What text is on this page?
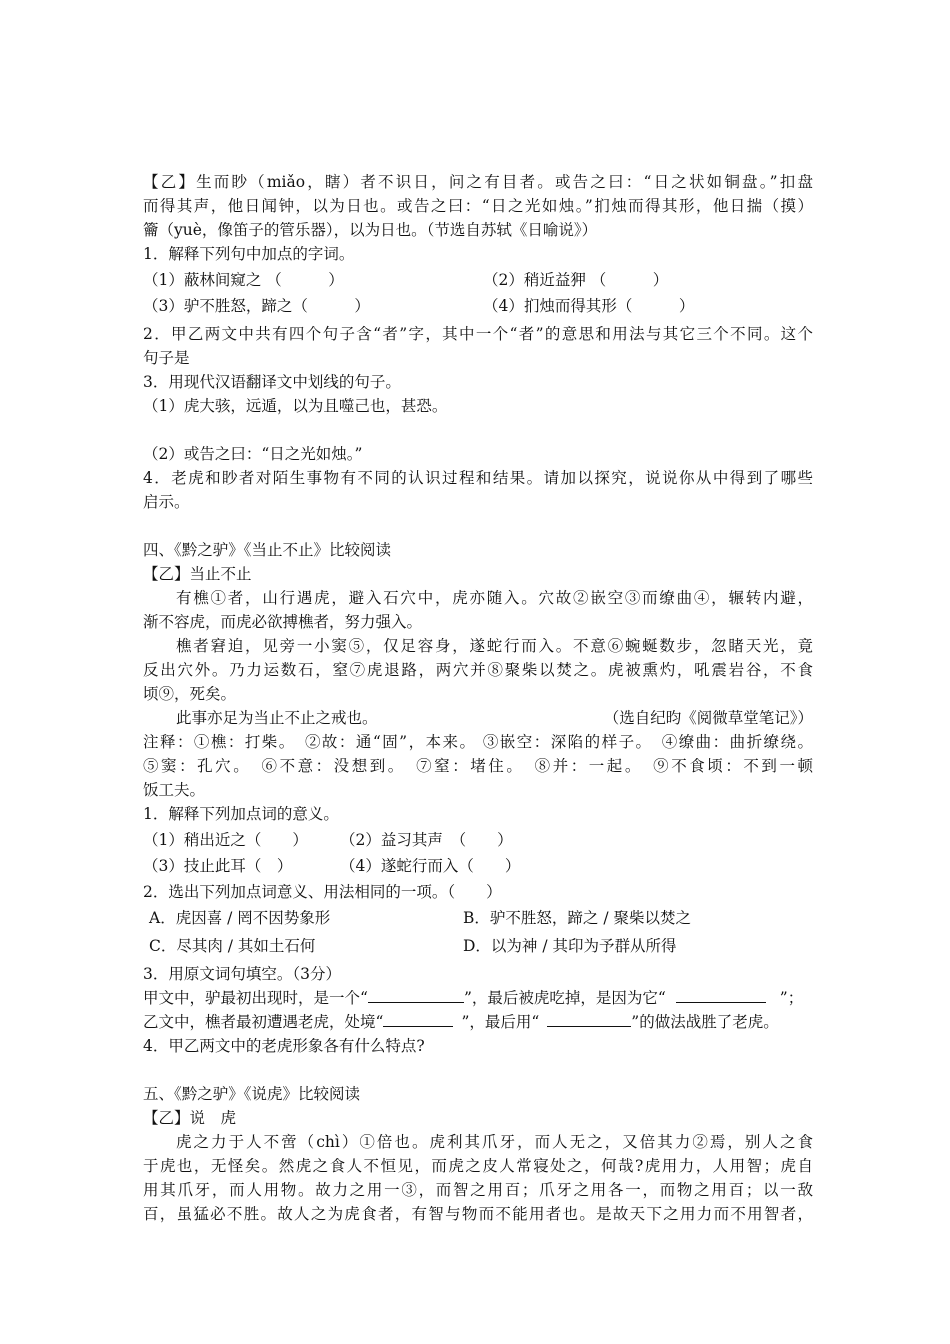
【乙】生而眇（miǎo，瞎）者不识日，问之有目者。或告之曰：“日之状如铜盘。”扣盘
而得其声，他日闻钟，以为日也。或告之曰：“日之光如烛。”扪烛而得其形，他日揣（摸）
籥（yuè，像笛子的管乐器），以为日也。（节选自苏轼《日喻说》）
1．解释下列句中加点的字词。
（1）蔽林间窥之 （　　　）	（2）稍近益狎 （　　　）
（3）驴不胜怒，蹄之（　　　）	（4）扪烛而得其形（　　　）
2．甲乙两文中共有四个句子含“者”字，其中一个“者”的意思和用法与其它三个不同。这个
句子是
3．用现代汉语翻译文中划线的句子。
（1）虎大骇，远遁，以为且噬己也，甚恐。
（2）或告之曰：“日之光如烛。”
4．老虎和眇者对陌生事物有不同的认识过程和结果。请加以探究，说说你从中得到了哪些
启示。
四、《黔之驴》《当止不止》比较阅读
【乙】当止不止
有樵①者，山行遇虎，避入石穴中，虎亦随入。穴故②嵌空③而缭曲④，辗转内避，
渐不容虎，而虎必欲搏樵者，努力强入。
樵者窘迫，见旁一小窦⑤，仅足容身，遂蛇行而入。不意⑥蜿蜒数步，忽睹天光，竟
反出穴外。乃力运数石，窒⑦虎退路，两穴并⑧聚柴以焚之。虎被熏灼，吼震岩谷，不食
顷⑨，死矣。
此事亦足为当止不止之戒也。	（选自纪昀《阅微草堂笔记》）
注释：①樵：打柴。　②故：通“固”，本来。 ③嵌空：深陷的样子。　④缭曲：曲折缭绕。
⑤窦：孔穴。　⑥不意：没想到。　⑦窒：堵住。　⑧并：一起。　⑨不食顷：不到一顿
饭工夫。
1．解释下列加点词的意义。
（1）稍出近之（　　） （2）益习其声　（　　）
（3）技止此耳（　）	（4）遂蛇行而入（　　）
2．选出下列加点词意义、用法相同的一项。（　　）
A．虎因喜 / 罔不因势象形	B．驴不胜怒，蹄之 / 聚柴以焚之
C．尽其肉 / 其如土石何	D．以为神 / 其印为予群从所得
3．用原文词句填空。（3分）
甲文中，驴最初出现时，是一个“	”，最后被虎吃掉，是因为它“	”；
乙文中，樵者最初遭遇老虎，处境“	”，最后用“	”的做法战胜了老虎。
4．甲乙两文中的老虎形象各有什么特点?
五、《黔之驴》《说虎》比较阅读
【乙】说　虎
虎之力于人不啻（chì）①倍也。虎利其爪牙，而人无之，又倍其力②焉，别人之食
于虎也，无怪矣。然虎之食人不恒见，而虎之皮人常寝处之，何哉?虎用力，人用智；虎自
用其爪牙，而人用物。故力之用一③，而智之用百；爪牙之用各一，而物之用百；以一敌
百，虽猛必不胜。故人之为虎食者，有智与物而不能用者也。是故天下之用力而不用智者，
